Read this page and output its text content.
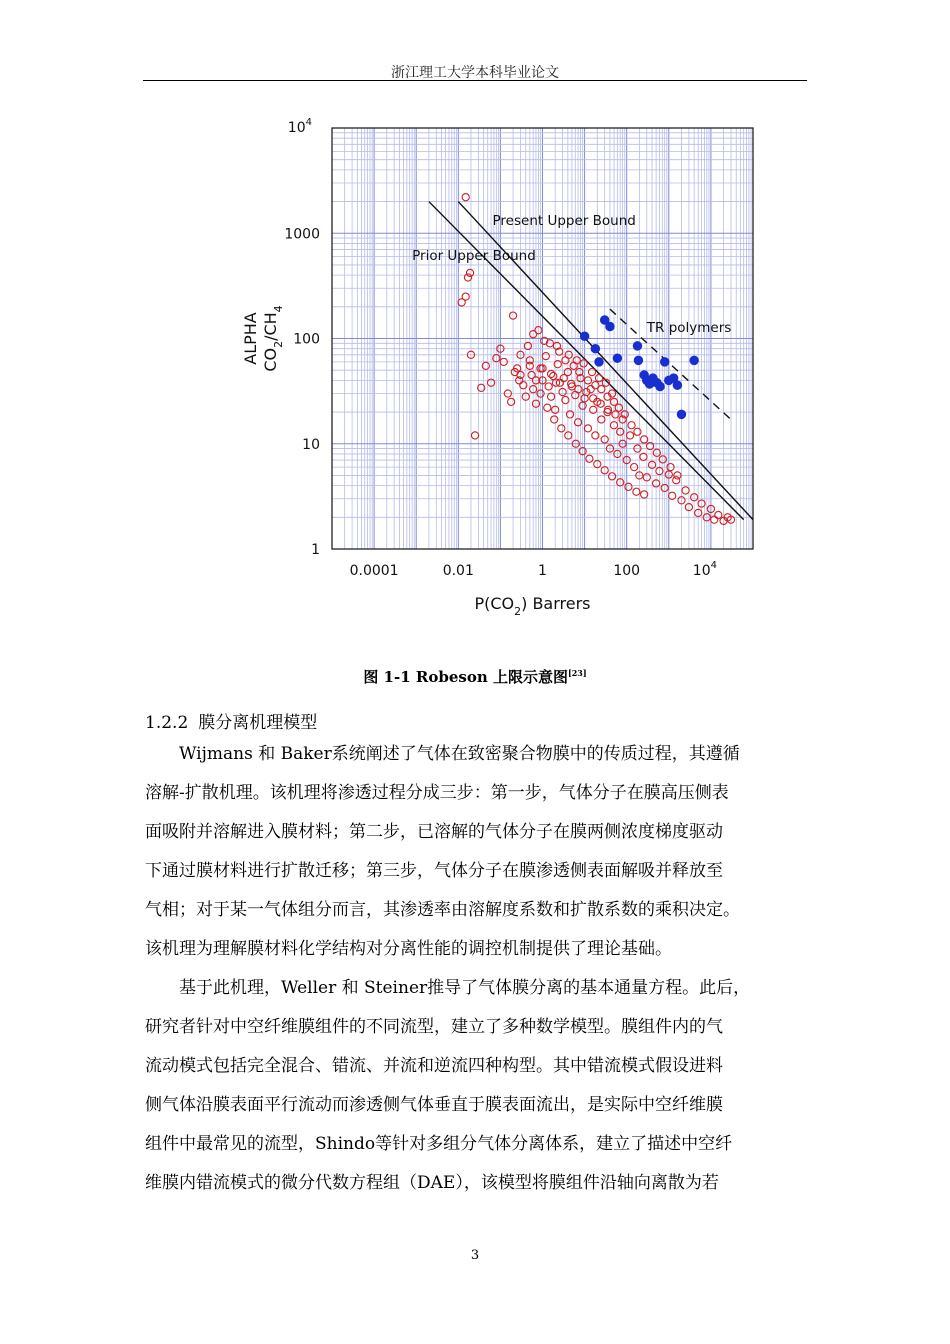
浙江理工大学本科毕业论文
0.0001	0.01	1	100	$10^4$
1
10
100
1000
$10^4$
Present Upper Bound
Prior Upper Bound
TR polymers
$P(CO_2)$ Barrers
ALPHA $CO_2/CH_4$
图 1-1 Robeson 上限示意图[23]
1.2.2 膜分离机理模型
Wijmans 和 Baker系统阐述了气体在致密聚合物膜中的传质过程，其遵循
溶解-扩散机理。该机理将渗透过程分成三步：第一步，气体分子在膜高压侧表
面吸附并溶解进入膜材料；第二步，已溶解的气体分子在膜两侧浓度梯度驱动
下通过膜材料进行扩散迁移；第三步，气体分子在膜渗透侧表面解吸并释放至
气相；对于某一气体组分而言，其渗透率由溶解度系数和扩散系数的乘积决定。
该机理为理解膜材料化学结构对分离性能的调控机制提供了理论基础。
基于此机理，Weller 和 Steiner推导了气体膜分离的基本通量方程。此后，
研究者针对中空纤维膜组件的不同流型，建立了多种数学模型。膜组件内的气
流动模式包括完全混合、错流、并流和逆流四种构型。其中错流模式假设进料
侧气体沿膜表面平行流动而渗透侧气体垂直于膜表面流出，是实际中空纤维膜
组件中最常见的流型，Shindo等针对多组分气体分离体系，建立了描述中空纤
维膜内错流模式的微分代数方程组（DAE），该模型将膜组件沿轴向离散为若
3
